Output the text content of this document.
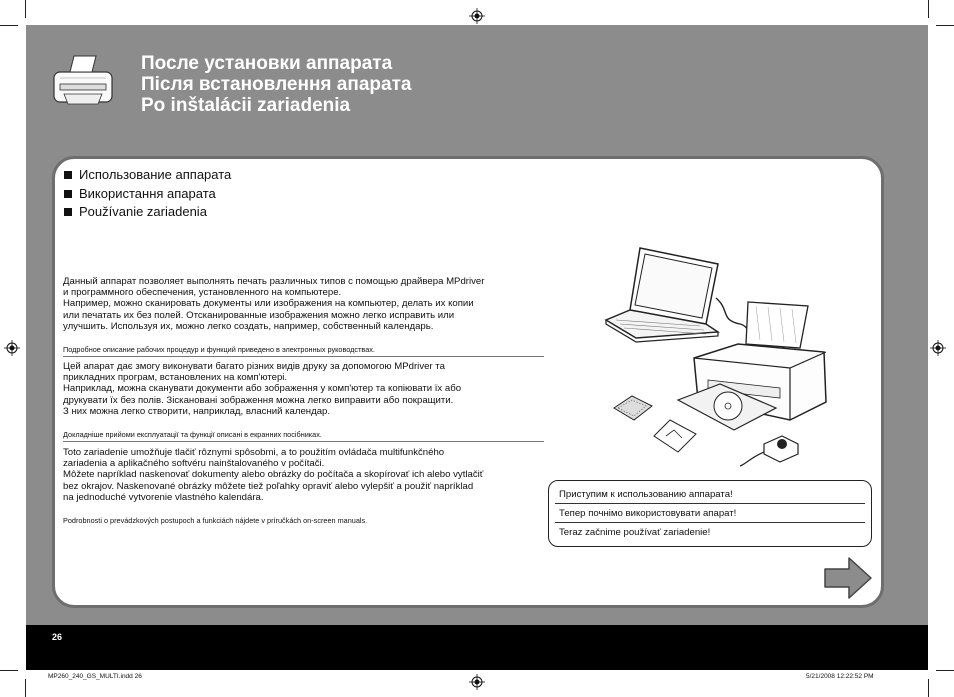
После установки аппарата
Після встановлення апарата
Po inštalácii zariadenia
Использование аппарата
Використання апарата
Používanie zariadenia
Данный аппарат позволяет выполнять печать различных типов с помощью драйвера MPdriver
и программного обеспечения, установленного на компьютере.
Например, можно сканировать документы или изображения на компьютер, делать их копии
или печатать их без полей. Отсканированные изображения можно легко исправить или
улучшить. Используя их, можно легко создать, например, собственный календарь.
Подробное описание рабочих процедур и функций приведено в электронных руководствах.
Цей апарат дає змогу виконувати багато різних видів друку за допомогою MPdriver та
прикладних програм, встановлених на комп'ютері.
Наприклад, можна сканувати документи або зображення у комп'ютер та копіювати їх або
друкувати їх без полів. Зіскановані зображення можна легко виправити або покращити.
З них можна легко створити, наприклад, власний календар.
Докладніше прийоми експлуатації та функції описані в екранних посібниках.
Toto zariadenie umožňuje tlačiť rôznymi spôsobmi, a to použitím ovládača multifunkčného
zariadenia a aplikačného softvéru nainštalovaného v počítači.
Môžete napríklad naskenovať dokumenty alebo obrázky do počítača a skopírovať ich alebo vytlačiť
bez okrajov. Naskenované obrázky môžete tiež poľahky opraviť alebo vylepšiť a použiť napríklad
na jednoduché vytvorenie vlastného kalendára.
Podrobnosti o prevádzkových postupoch a funkciách nájdete v príručkách on-screen manuals.
Приступим к использованию аппарата!
Тепер почнімо використовувати апарат!
Teraz začnime používať zariadenie!
26
MP260_240_GS_MULTI.indd 26	5/21/2008 12:22:52 PM
